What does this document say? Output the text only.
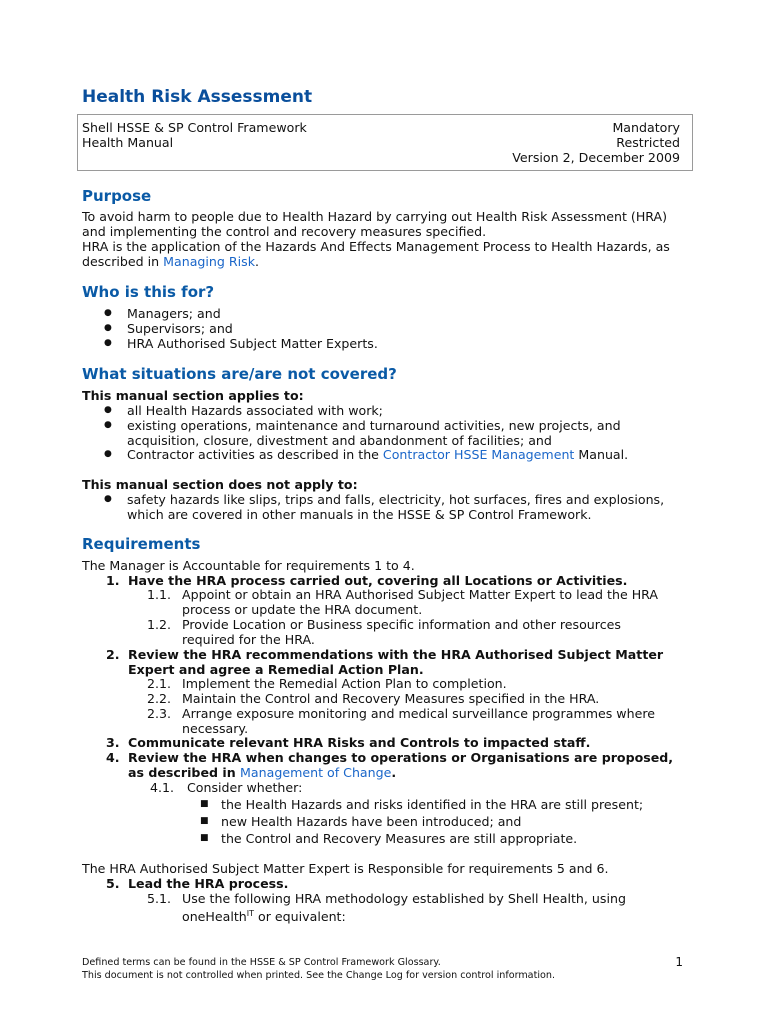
Health Risk Assessment
Shell HSSE & SP Control Framework
Health Manual
Mandatory
Restricted
Version 2, December 2009
Purpose
To avoid harm to people due to Health Hazard by carrying out Health Risk Assessment (HRA)
and implementing the control and recovery measures specified.
HRA is the application of the Hazards And Effects Management Process to Health Hazards, as
described in Managing Risk.
Who is this for?
● Managers; and
● Supervisors; and
● HRA Authorised Subject Matter Experts.
What situations are/are not covered?
This manual section applies to:
● all Health Hazards associated with work;
● existing operations, maintenance and turnaround activities, new projects, and
acquisition, closure, divestment and abandonment of facilities; and
● Contractor activities as described in the Contractor HSSE Management Manual.
This manual section does not apply to:
● safety hazards like slips, trips and falls, electricity, hot surfaces, fires and explosions,
which are covered in other manuals in the HSSE & SP Control Framework.
Requirements
The Manager is Accountable for requirements 1 to 4.
1. Have the HRA process carried out, covering all Locations or Activities.
1.1. Appoint or obtain an HRA Authorised Subject Matter Expert to lead the HRA
process or update the HRA document.
1.2. Provide Location or Business specific information and other resources
required for the HRA.
2. Review the HRA recommendations with the HRA Authorised Subject Matter
Expert and agree a Remedial Action Plan.
2.1. Implement the Remedial Action Plan to completion.
2.2. Maintain the Control and Recovery Measures specified in the HRA.
2.3. Arrange exposure monitoring and medical surveillance programmes where
necessary.
3. Communicate relevant HRA Risks and Controls to impacted staff.
4. Review the HRA when changes to operations or Organisations are proposed,
as described in Management of Change.
4.1. Consider whether:
■ the Health Hazards and risks identified in the HRA are still present;
■ new Health Hazards have been introduced; and
■ the Control and Recovery Measures are still appropriate.
The HRA Authorised Subject Matter Expert is Responsible for requirements 5 and 6.
5. Lead the HRA process.
5.1. Use the following HRA methodology established by Shell Health, using
oneHealth$^{IT}$ or equivalent:
Defined terms can be found in the HSSE & SP Control Framework Glossary.
This document is not controlled when printed. See the Change Log for version control information.
1
